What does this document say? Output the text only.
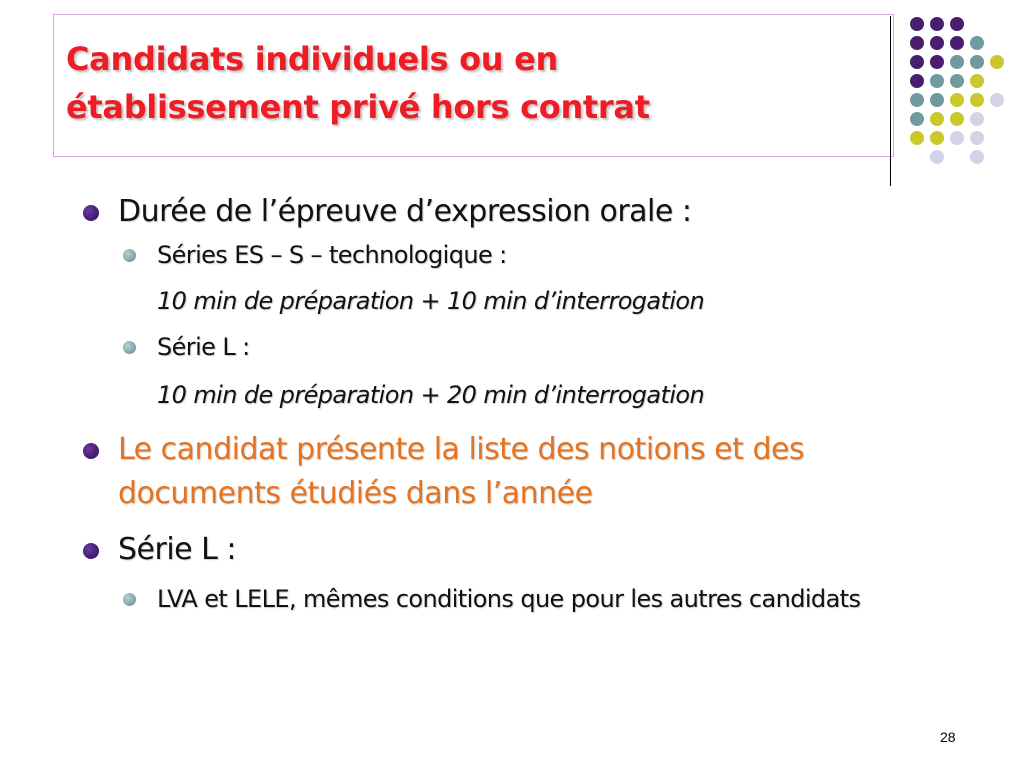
Candidats individuels ou en
établissement privé hors contrat
Durée de l’épreuve d’expression orale :
Séries ES – S – technologique :
10 min de préparation + 10 min d’interrogation
Série L :
10 min de préparation + 20 min d’interrogation
Le candidat présente la liste des notions et des documents étudiés dans l’année
Série L :
LVA et LELE, mêmes conditions que pour les autres candidats
28
